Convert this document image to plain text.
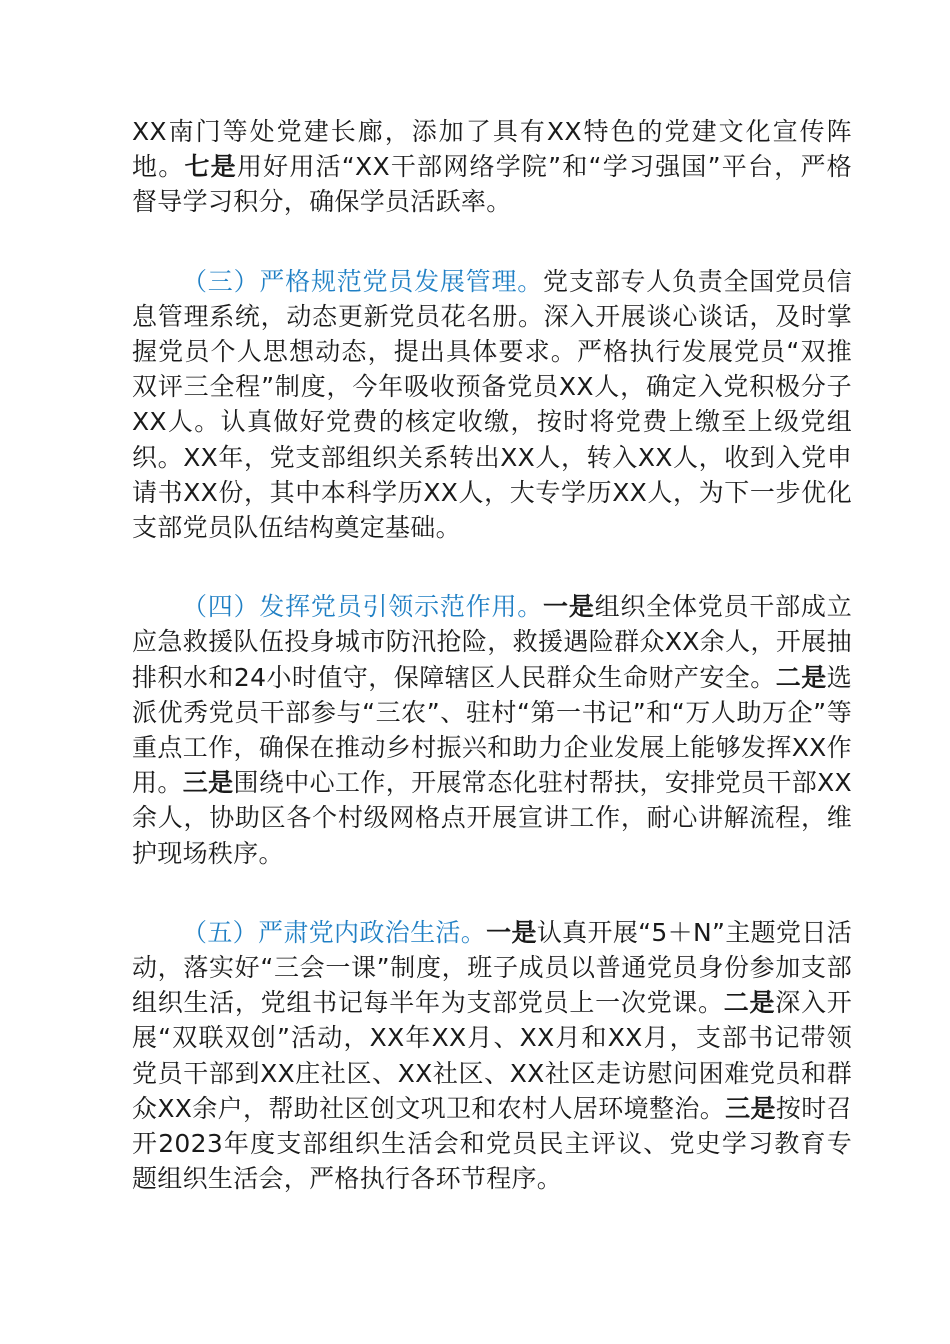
XX南门等处党建长廊，添加了具有XX特色的党建文化宣传阵地。七是用好用活“XX干部网络学院”和“学习强国”平台，严格督导学习积分，确保学员活跃率。

（三）严格规范党员发展管理。党支部专人负责全国党员信息管理系统，动态更新党员花名册。深入开展谈心谈话，及时掌握党员个人思想动态，提出具体要求。严格执行发展党员“双推双评三全程”制度，今年吸收预备党员XX人，确定入党积极分子XX人。认真做好党费的核定收缴，按时将党费上缴至上级党组织。XX年，党支部组织关系转出XX人，转入XX人，收到入党申请书XX份，其中本科学历XX人，大专学历XX人，为下一步优化支部党员队伍结构奠定基础。

（四）发挥党员引领示范作用。一是组织全体党员干部成立应急救援队伍投身城市防汛抢险，救援遇险群众XX余人，开展抽排积水和24小时值守，保障辖区人民群众生命财产安全。二是选派优秀党员干部参与“三农”、驻村“第一书记”和“万人助万企”等重点工作，确保在推动乡村振兴和助力企业发展上能够发挥XX作用。三是围绕中心工作，开展常态化驻村帮扶，安排党员干部XX余人，协助区各个村级网格点开展宣讲工作，耐心讲解流程，维护现场秩序。

（五）严肃党内政治生活。一是认真开展“5＋N”主题党日活动，落实好“三会一课”制度，班子成员以普通党员身份参加支部组织生活，党组书记每半年为支部党员上一次党课。二是深入开展“双联双创”活动，XX年XX月、XX月和XX月，支部书记带领党员干部到XX庄社区、XX社区、XX社区走访慰问困难党员和群众XX余户，帮助社区创文巩卫和农村人居环境整治。三是按时召开2023年度支部组织生活会和党员民主评议、党史学习教育专题组织生活会，严格执行各环节程序。
